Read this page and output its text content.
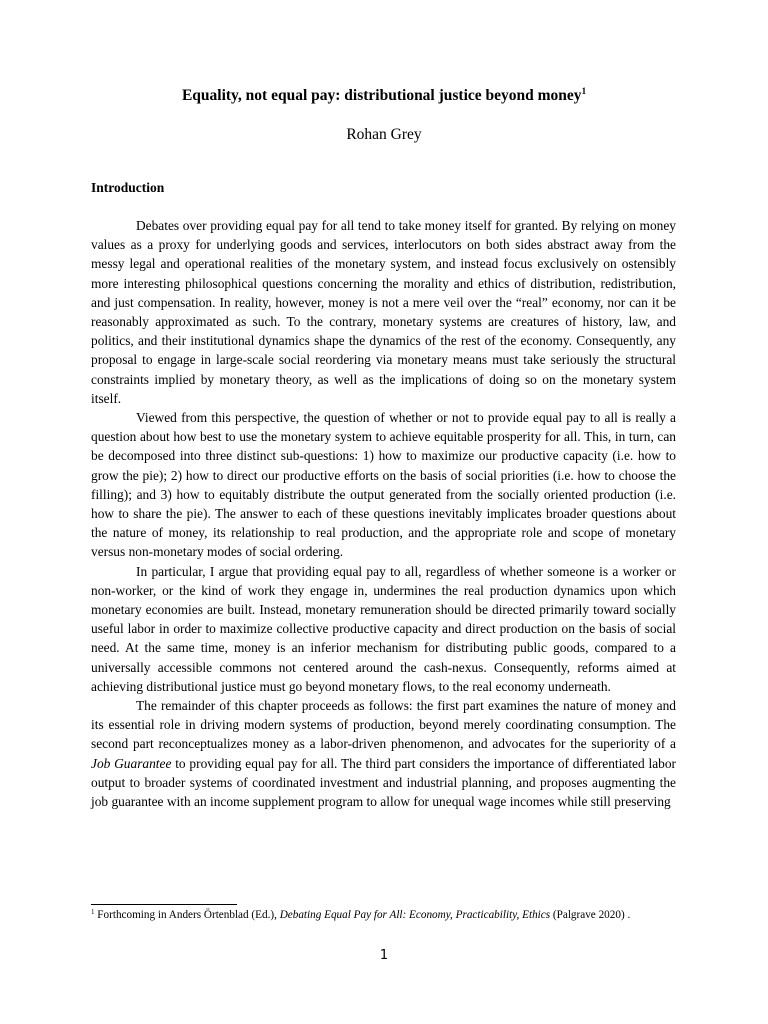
Equality, not equal pay: distributional justice beyond money$^1$
Rohan Grey
Introduction

Debates over providing equal pay for all tend to take money itself for granted. By relying on money values as a proxy for underlying goods and services, interlocutors on both sides abstract away from the messy legal and operational realities of the monetary system, and instead focus exclusively on ostensibly more interesting philosophical questions concerning the morality and ethics of distribution, redistribution, and just compensation. In reality, however, money is not a mere veil over the “real” economy, nor can it be reasonably approximated as such. To the contrary, monetary systems are creatures of history, law, and politics, and their institutional dynamics shape the dynamics of the rest of the economy. Consequently, any proposal to engage in large-scale social reordering via monetary means must take seriously the structural constraints implied by monetary theory, as well as the implications of doing so on the monetary system itself.

Viewed from this perspective, the question of whether or not to provide equal pay to all is really a question about how best to use the monetary system to achieve equitable prosperity for all. This, in turn, can be decomposed into three distinct sub-questions: 1) how to maximize our productive capacity (i.e. how to grow the pie); 2) how to direct our productive efforts on the basis of social priorities (i.e. how to choose the filling); and 3) how to equitably distribute the output generated from the socially oriented production (i.e. how to share the pie). The answer to each of these questions inevitably implicates broader questions about the nature of money, its relationship to real production, and the appropriate role and scope of monetary versus non-monetary modes of social ordering.

In particular, I argue that providing equal pay to all, regardless of whether someone is a worker or non-worker, or the kind of work they engage in, undermines the real production dynamics upon which monetary economies are built. Instead, monetary remuneration should be directed primarily toward socially useful labor in order to maximize collective productive capacity and direct production on the basis of social need. At the same time, money is an inferior mechanism for distributing public goods, compared to a universally accessible commons not centered around the cash-nexus. Consequently, reforms aimed at achieving distributional justice must go beyond monetary flows, to the real economy underneath.

The remainder of this chapter proceeds as follows: the first part examines the nature of money and its essential role in driving modern systems of production, beyond merely coordinating consumption. The second part reconceptualizes money as a labor-driven phenomenon, and advocates for the superiority of a Job Guarantee to providing equal pay for all. The third part considers the importance of differentiated labor output to broader systems of coordinated investment and industrial planning, and proposes augmenting the job guarantee with an income supplement program to allow for unequal wage incomes while still preserving

$^1$ Forthcoming in Anders Örtenblad (Ed.), Debating Equal Pay for All: Economy, Practicability, Ethics (Palgrave 2020) .
1
